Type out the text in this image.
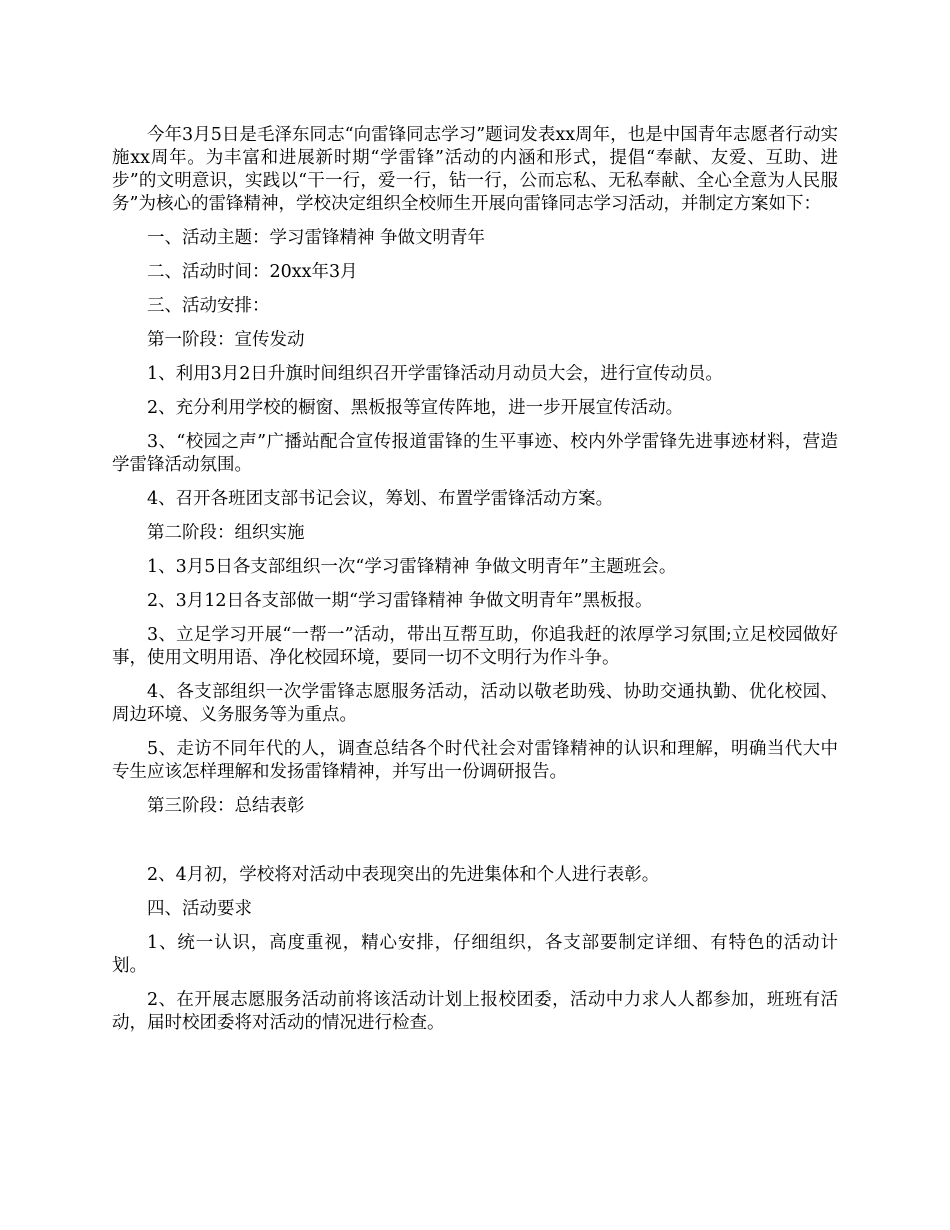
今年3月5日是毛泽东同志“向雷锋同志学习”题词发表xx周年，也是中国青年志愿者行动实施xx周年。为丰富和进展新时期“学雷锋”活动的内涵和形式，提倡“奉献、友爱、互助、进步”的文明意识，实践以“干一行，爱一行，钻一行，公而忘私、无私奉献、全心全意为人民服务”为核心的雷锋精神，学校决定组织全校师生开展向雷锋同志学习活动，并制定方案如下：

一、活动主题：学习雷锋精神 争做文明青年

二、活动时间：20xx年3月

三、活动安排：

第一阶段：宣传发动

1、利用3月2日升旗时间组织召开学雷锋活动月动员大会，进行宣传动员。

2、充分利用学校的橱窗、黑板报等宣传阵地，进一步开展宣传活动。

3、“校园之声”广播站配合宣传报道雷锋的生平事迹、校内外学雷锋先进事迹材料，营造学雷锋活动氛围。

4、召开各班团支部书记会议，筹划、布置学雷锋活动方案。

第二阶段：组织实施

1、3月5日各支部组织一次“学习雷锋精神 争做文明青年”主题班会。

2、3月12日各支部做一期“学习雷锋精神 争做文明青年”黑板报。

3、立足学习开展“一帮一”活动，带出互帮互助，你追我赶的浓厚学习氛围;立足校园做好事，使用文明用语、净化校园环境，要同一切不文明行为作斗争。

4、各支部组织一次学雷锋志愿服务活动，活动以敬老助残、协助交通执勤、优化校园、周边环境、义务服务等为重点。

5、走访不同年代的人，调查总结各个时代社会对雷锋精神的认识和理解，明确当代大中专生应该怎样理解和发扬雷锋精神，并写出一份调研报告。

第三阶段：总结表彰

2、4月初，学校将对活动中表现突出的先进集体和个人进行表彰。

四、活动要求

1、统一认识，高度重视，精心安排，仔细组织，各支部要制定详细、有特色的活动计划。

2、在开展志愿服务活动前将该活动计划上报校团委，活动中力求人人都参加，班班有活动，届时校团委将对活动的情况进行检查。
